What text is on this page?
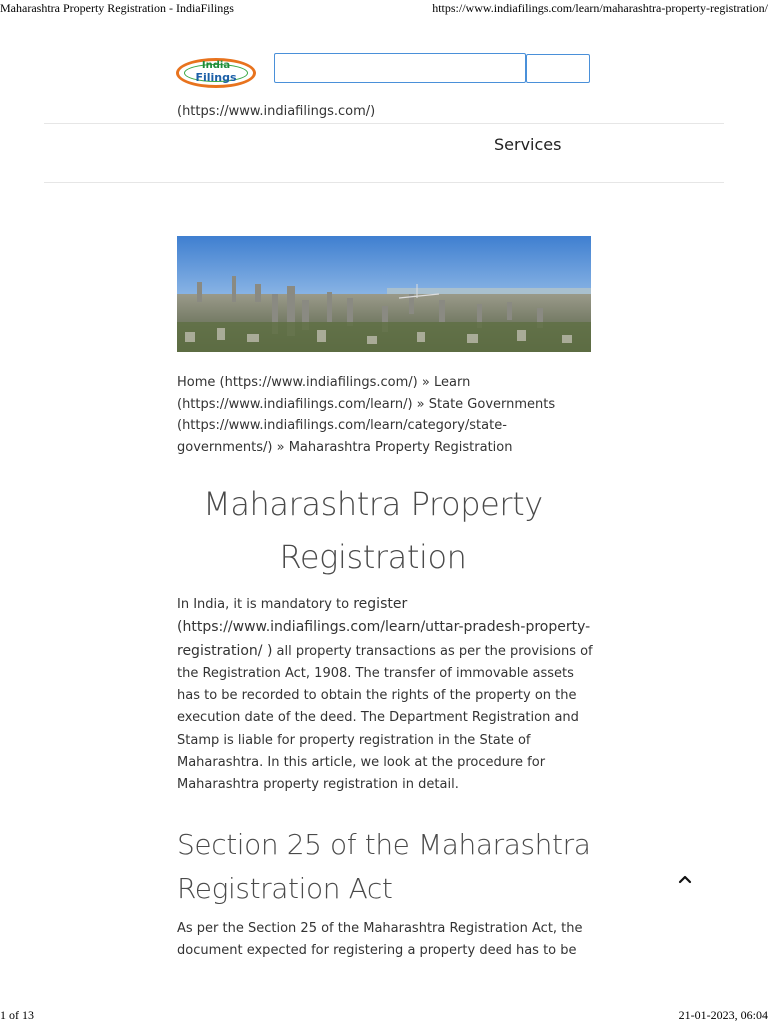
Maharashtra Property Registration - IndiaFilings	https://www.indiafilings.com/learn/maharashtra-property-registration/
India
Filings
(https://www.indiafilings.com/)
Services
Home (https://www.indiafilings.com/) » Learn (https://www.indiafilings.com/learn/) » State Governments (https://www.indiafilings.com/learn/category/state-governments/) » Maharashtra Property Registration
Maharashtra Property Registration

In India, it is mandatory to register (https://www.indiafilings.com/learn/uttar-pradesh-property-registration/ ) all property transactions as per the provisions of the Registration Act, 1908. The transfer of immovable assets has to be recorded to obtain the rights of the property on the execution date of the deed. The Department Registration and Stamp is liable for property registration in the State of Maharashtra. In this article, we look at the procedure for Maharashtra property registration in detail.

Section 25 of the Maharashtra Registration Act

As per the Section 25 of the Maharashtra Registration Act, the document expected for registering a property deed has to be

1 of 13	21-01-2023, 06:04
